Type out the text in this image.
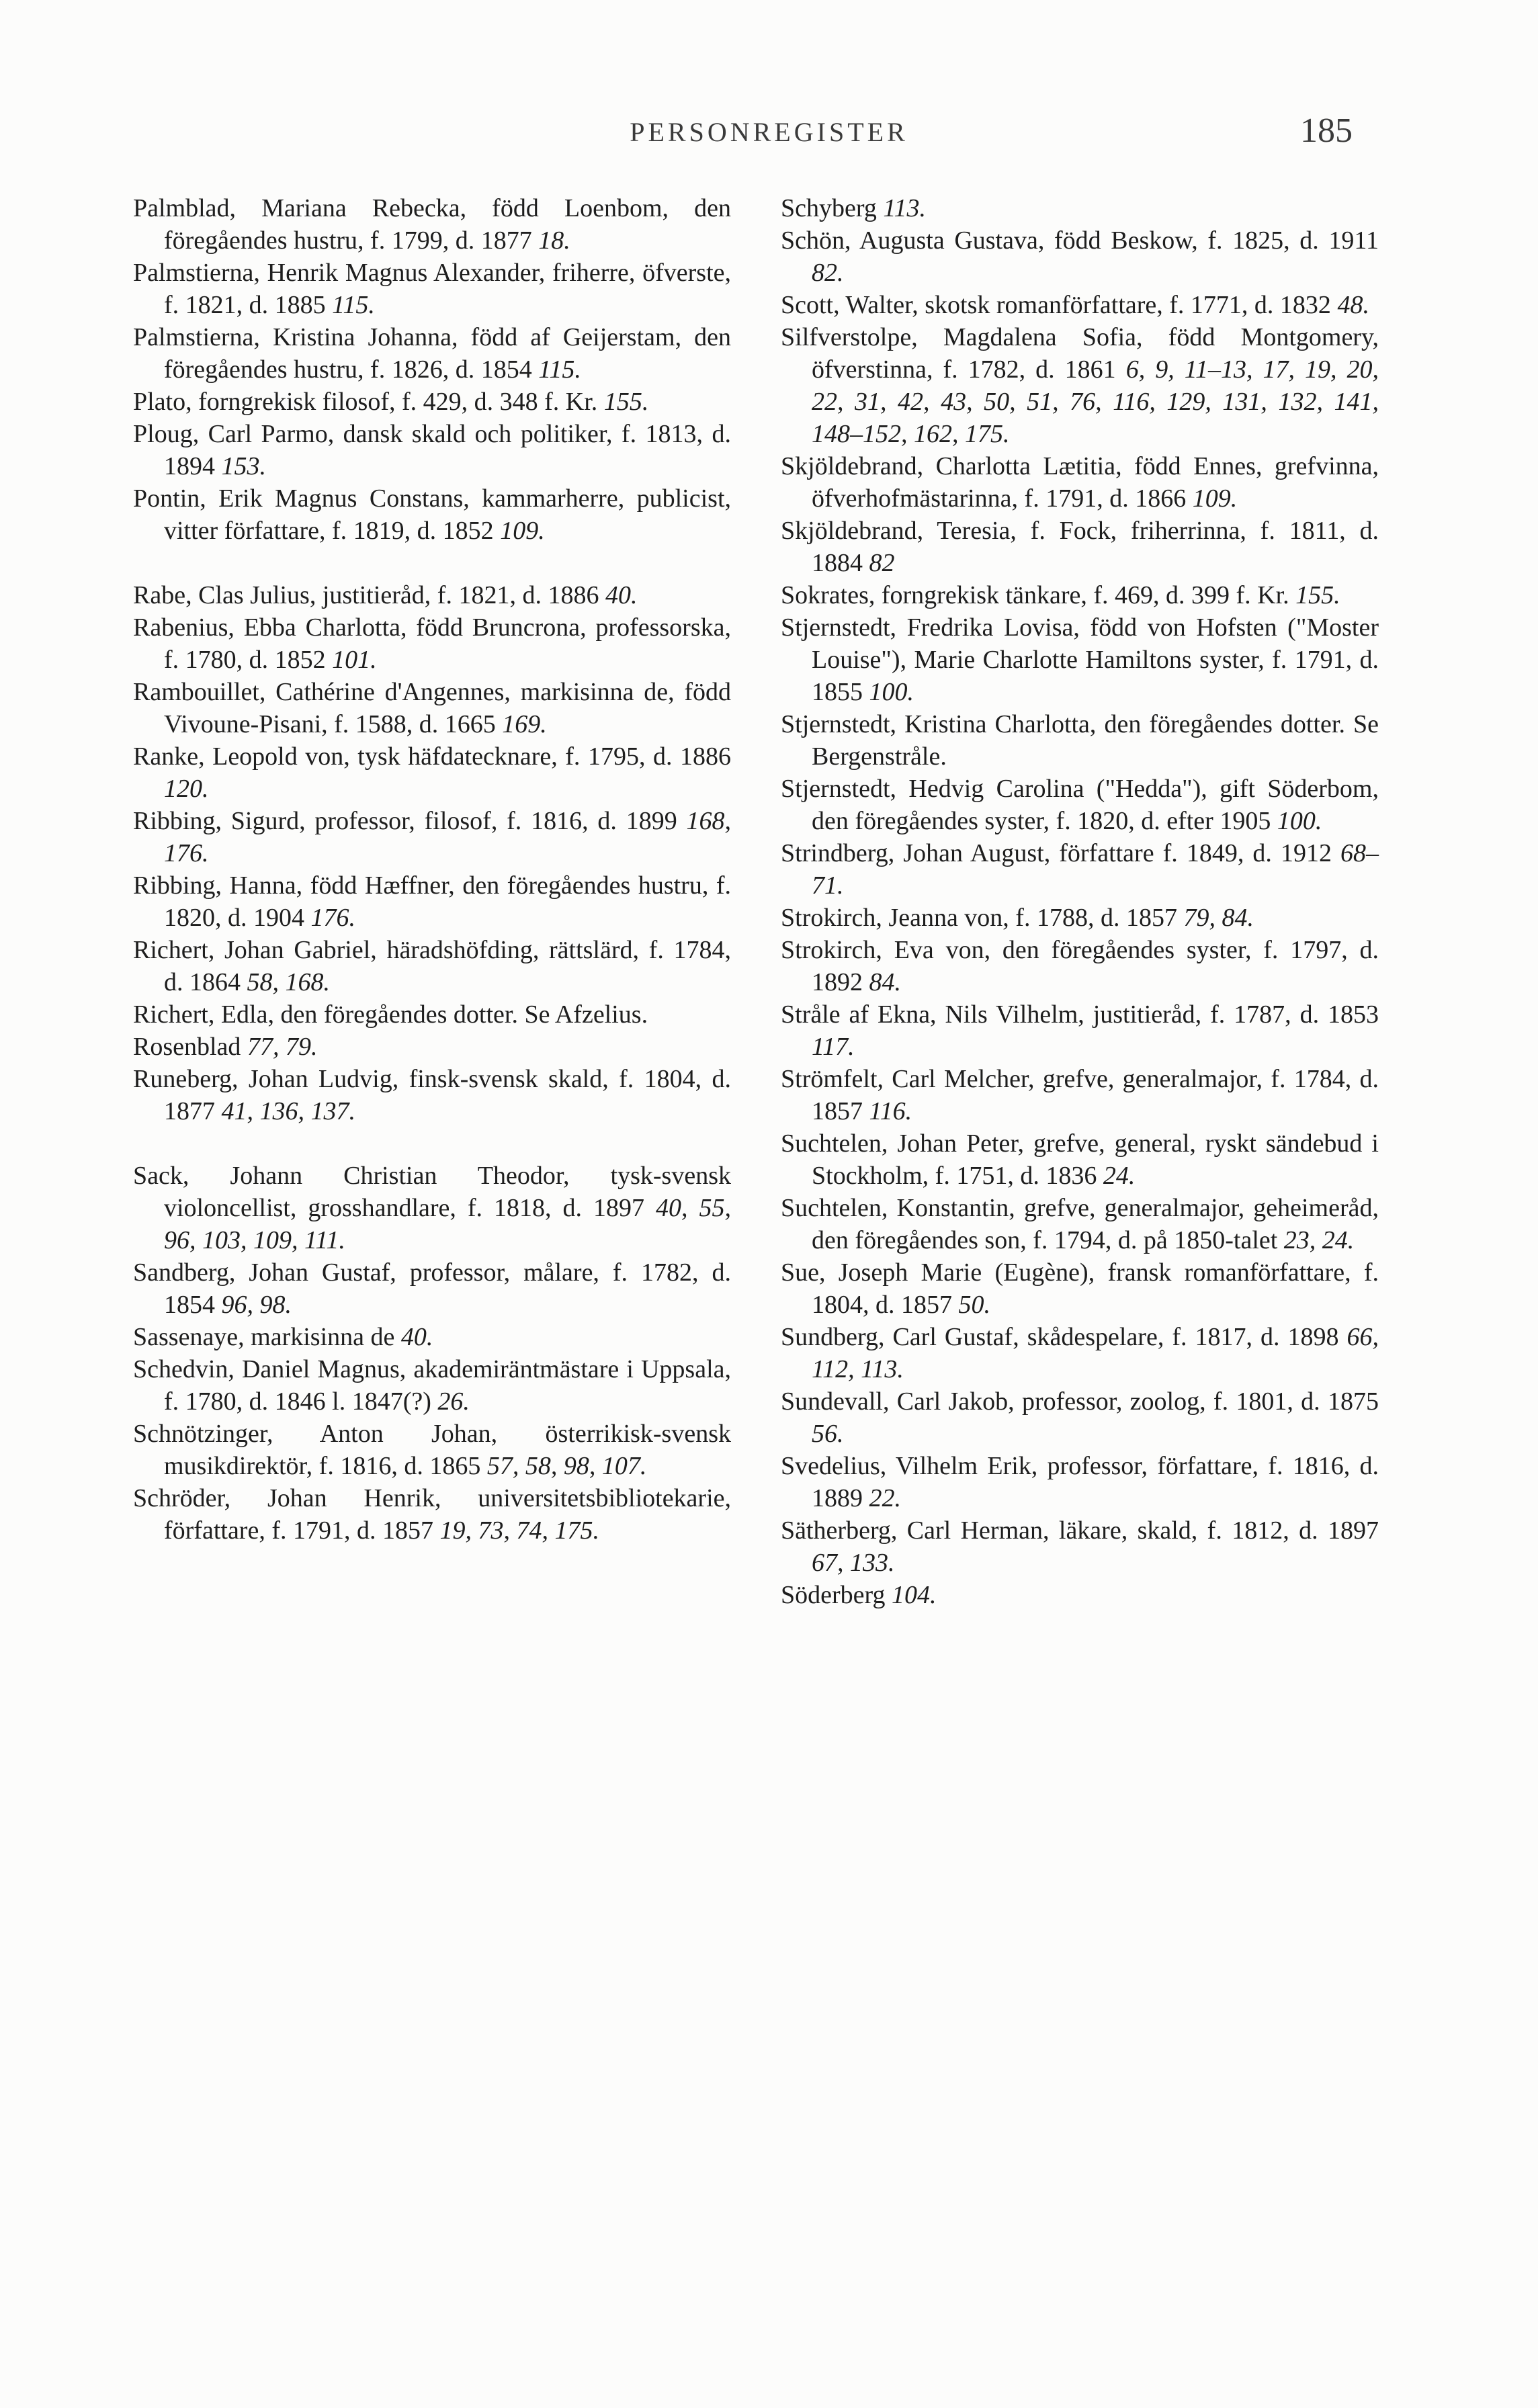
PERSONREGISTER	185

Palmblad, Mariana Rebecka, född Loenbom, den föregåendes hustru, f. 1799, d. 1877 18.

Palmstierna, Henrik Magnus Alexander, friherre, öfverste, f. 1821, d. 1885 115.

Palmstierna, Kristina Johanna, född af Geijerstam, den föregåendes hustru, f. 1826, d. 1854 115.

Plato, forngrekisk filosof, f. 429, d. 348 f. Kr. 155.

Ploug, Carl Parmo, dansk skald och politiker, f. 1813, d. 1894 153.

Pontin, Erik Magnus Constans, kammarherre, publicist, vitter författare, f. 1819, d. 1852 109.

Rabe, Clas Julius, justitieråd, f. 1821, d. 1886 40.

Rabenius, Ebba Charlotta, född Bruncrona, professorska, f. 1780, d. 1852 101.

Rambouillet, Cathérine d'Angennes, markisinna de, född Vivoune-Pisani, f. 1588, d. 1665 169.

Ranke, Leopold von, tysk häfdatecknare, f. 1795, d. 1886 120.

Ribbing, Sigurd, professor, filosof, f. 1816, d. 1899 168, 176.

Ribbing, Hanna, född Hæffner, den föregåendes hustru, f. 1820, d. 1904 176.

Richert, Johan Gabriel, häradshöfding, rättslärd, f. 1784, d. 1864 58, 168.

Richert, Edla, den föregåendes dotter. Se Afzelius.

Rosenblad 77, 79.

Runeberg, Johan Ludvig, finsk-svensk skald, f. 1804, d. 1877 41, 136, 137.

Sack, Johann Christian Theodor, tysk-svensk violoncellist, grosshandlare, f. 1818, d. 1897 40, 55, 96, 103, 109, 111.

Sandberg, Johan Gustaf, professor, målare, f. 1782, d. 1854 96, 98.

Sassenaye, markisinna de 40.

Schedvin, Daniel Magnus, akademiräntmästare i Uppsala, f. 1780, d. 1846 l. 1847(?) 26.

Schnötzinger, Anton Johan, österrikisk-svensk musikdirektör, f. 1816, d. 1865 57, 58, 98, 107.

Schröder, Johan Henrik, universitetsbibliotekarie, författare, f. 1791, d. 1857 19, 73, 74, 175.

Schyberg 113.

Schön, Augusta Gustava, född Beskow, f. 1825, d. 1911 82.

Scott, Walter, skotsk romanförfattare, f. 1771, d. 1832 48.

Silfverstolpe, Magdalena Sofia, född Montgomery, öfverstinna, f. 1782, d. 1861 6, 9, 11–13, 17, 19, 20, 22, 31, 42, 43, 50, 51, 76, 116, 129, 131, 132, 141, 148–152, 162, 175.

Skjöldebrand, Charlotta Lætitia, född Ennes, grefvinna, öfverhofmästarinna, f. 1791, d. 1866 109.

Skjöldebrand, Teresia, f. Fock, friherrinna, f. 1811, d. 1884 82

Sokrates, forngrekisk tänkare, f. 469, d. 399 f. Kr. 155.

Stjernstedt, Fredrika Lovisa, född von Hofsten ("Moster Louise"), Marie Charlotte Hamiltons syster, f. 1791, d. 1855 100.

Stjernstedt, Kristina Charlotta, den föregåendes dotter. Se Bergenstråle.

Stjernstedt, Hedvig Carolina ("Hedda"), gift Söderbom, den föregåendes syster, f. 1820, d. efter 1905 100.

Strindberg, Johan August, författare f. 1849, d. 1912 68–71.

Strokirch, Jeanna von, f. 1788, d. 1857 79, 84.

Strokirch, Eva von, den föregåendes syster, f. 1797, d. 1892 84.

Stråle af Ekna, Nils Vilhelm, justitieråd, f. 1787, d. 1853 117.

Strömfelt, Carl Melcher, grefve, generalmajor, f. 1784, d. 1857 116.

Suchtelen, Johan Peter, grefve, general, ryskt sändebud i Stockholm, f. 1751, d. 1836 24.

Suchtelen, Konstantin, grefve, generalmajor, geheimeråd, den föregåendes son, f. 1794, d. på 1850-talet 23, 24.

Sue, Joseph Marie (Eugène), fransk romanförfattare, f. 1804, d. 1857 50.

Sundberg, Carl Gustaf, skådespelare, f. 1817, d. 1898 66, 112, 113.

Sundevall, Carl Jakob, professor, zoolog, f. 1801, d. 1875 56.

Svedelius, Vilhelm Erik, professor, författare, f. 1816, d. 1889 22.

Sätherberg, Carl Herman, läkare, skald, f. 1812, d. 1897 67, 133.

Söderberg 104.
